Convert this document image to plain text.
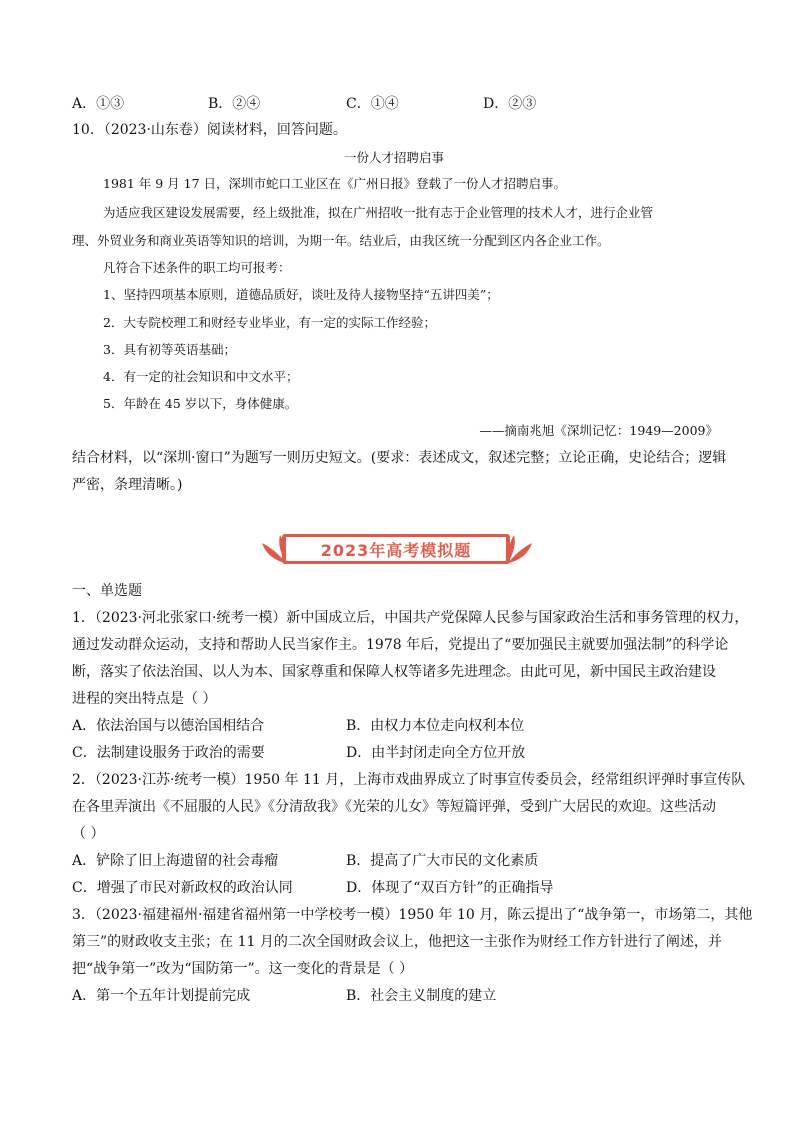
A．①③	B．②④	C．①④	D．②③
10．（2023·山东卷）阅读材料，回答问题。
一份人才招聘启事
1981 年 9 月 17 日，深圳市蛇口工业区在《广州日报》登载了一份人才招聘启事。
为适应我区建设发展需要，经上级批准，拟在广州招收一批有志于企业管理的技术人才，进行企业管
理、外贸业务和商业英语等知识的培训，为期一年。结业后，由我区统一分配到区内各企业工作。
凡符合下述条件的职工均可报考：
1、坚持四项基本原则，道德品质好，谈吐及待人接物坚持“五讲四美”；
2．大专院校理工和财经专业毕业，有一定的实际工作经验；
3．具有初等英语基础；
4．有一定的社会知识和中文水平；
5．年龄在 45 岁以下，身体健康。
——摘南兆旭《深圳记忆：1949—2009》
结合材料，以“深圳·窗口”为题写一则历史短文。(要求：表述成文，叙述完整；立论正确，史论结合；逻辑
严密，条理清晰。)
2023年高考模拟题
一、单选题
1．（2023·河北张家口·统考一模）新中国成立后，中国共产党保障人民参与国家政治生活和事务管理的权力，
通过发动群众运动，支持和帮助人民当家作主。1978 年后，党提出了“要加强民主就要加强法制”的科学论
断，落实了依法治国、以人为本、国家尊重和保障人权等诸多先进理念。由此可见，新中国民主政治建设
进程的突出特点是（ ）
A．依法治国与以德治国相结合	B．由权力本位走向权利本位
C．法制建设服务于政治的需要	D．由半封闭走向全方位开放
2．（2023·江苏·统考一模）1950 年 11 月，上海市戏曲界成立了时事宣传委员会，经常组织评弹时事宣传队
在各里弄演出《不屈服的人民》《分清敌我》《光荣的儿女》等短篇评弹，受到广大居民的欢迎。这些活动
（ ）
A．铲除了旧上海遗留的社会毒瘤	B．提高了广大市民的文化素质
C．增强了市民对新政权的政治认同	D．体现了“双百方针”的正确指导
3．（2023·福建福州·福建省福州第一中学校考一模）1950 年 10 月，陈云提出了“战争第一，市场第二，其他
第三”的财政收支主张；在 11 月的二次全国财政会议上，他把这一主张作为财经工作方针进行了阐述，并
把“战争第一”改为“国防第一”。这一变化的背景是（ ）
A．第一个五年计划提前完成	B．社会主义制度的建立
